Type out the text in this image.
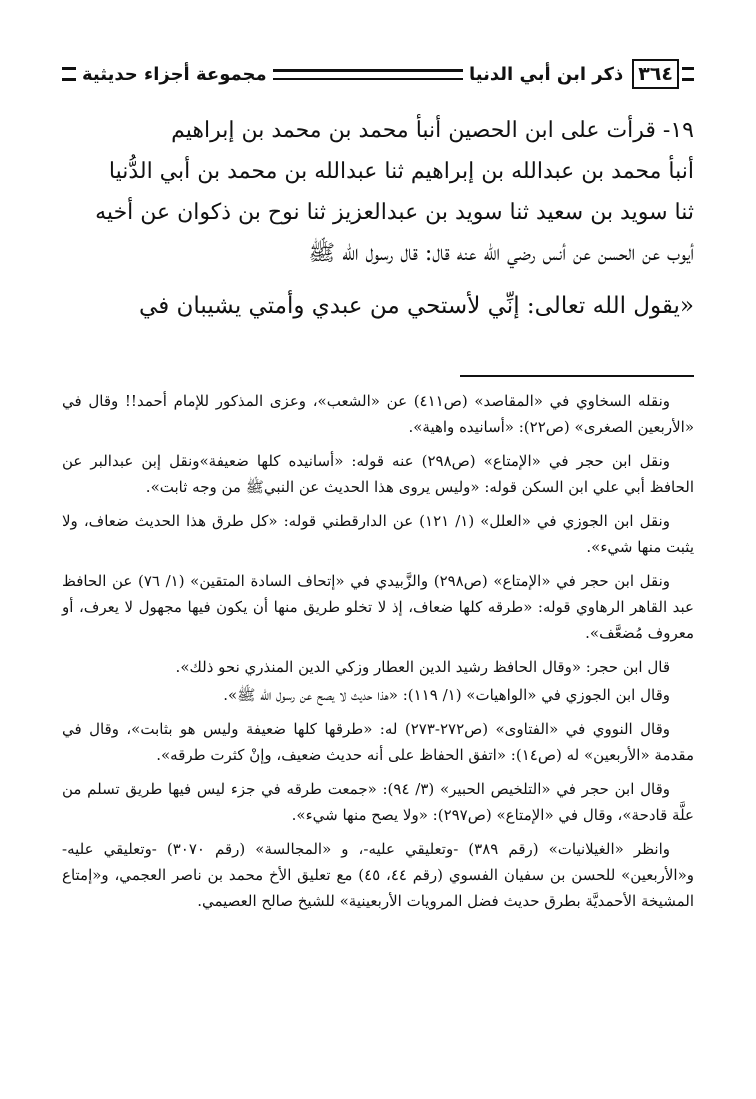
٣٦٤
ذكر ابن أبي الدنيا
مجموعة أجزاء حديثية

١٩- قرأت على ابن الحصين أنبأ محمد بن محمد بن إبراهيم

أنبأ محمد بن عبدالله بن إبراهيم ثنا عبدالله بن محمد بن أبي الدُّنيا

ثنا سويد بن سعيد ثنا سويد بن عبدالعزيز ثنا نوح بن ذكوان عن أخيه

أيوب عن الحسن عن أنس رضي الله عنه قال: قال رسول الله ﷺ

«يقول الله تعالى: إنِّي لأستحي من عبدي وأمتي يشيبان في

ونقله السخاوي في «المقاصد» (ص٤١١) عن «الشعب»، وعزى المذكور للإمام أحمد!! وقال في «الأربعين الصغرى» (ص٢٢): «أسانيده واهية».

ونقل ابن حجر في «الإمتاع» (ص٢٩٨) عنه قوله: «أسانيده كلها ضعيفة»ونقل إبن عبدالبر عن الحافظ أبي علي ابن السكن قوله: «وليس يروى هذا الحديث عن النبيﷺ من وجه ثابت».

ونقل ابن الجوزي في «العلل» (١/ ١٢١) عن الدارقطني قوله: «كل طرق هذا الحديث ضعاف، ولا يثبت منها شيء».

ونقل ابن حجر في «الإمتاع» (ص٢٩٨) والزَّبيدي في «إتحاف السادة المتقين» (١/ ٧٦) عن الحافظ عبد القاهر الرهاوي قوله: «طرقه كلها ضعاف، إذ لا تخلو طريق منها أن يكون فيها مجهول لا يعرف، أو معروف مُضعَّف».

قال ابن حجر: «وقال الحافظ رشيد الدين العطار وزكي الدين المنذري نحو ذلك».

وقال ابن الجوزي في «الواهيات» (١/ ١١٩): «هذا حديث لا يصح عن رسول الله ﷺ».

وقال النووي في «الفتاوى» (ص٢٧٢-٢٧٣) له: «طرقها كلها ضعيفة وليس هو بثابت»، وقال في مقدمة «الأربعين» له (ص١٤): «اتفق الحفاظ على أنه حديث ضعيف، وإنْ كثرت طرقه».

وقال ابن حجر في «التلخيص الحبير» (٣/ ٩٤): «جمعت طرقه في جزء ليس فيها طريق تسلم من علَّة قادحة»، وقال في «الإمتاع» (ص٢٩٧): «ولا يصح منها شيء».

وانظر «الغيلانيات» (رقم ٣٨٩) -وتعليقي عليه-، و «المجالسة» (رقم ٣٠٧٠) -وتعليقي عليه- و«الأربعين» للحسن بن سفيان الفسوي (رقم ٤٤، ٤٥) مع تعليق الأخ محمد بن ناصر العجمي، و«إمتاع المشيخة الأحمديَّة بطرق حديث فضل المرويات الأربعينية» للشيخ صالح العصيمي.
